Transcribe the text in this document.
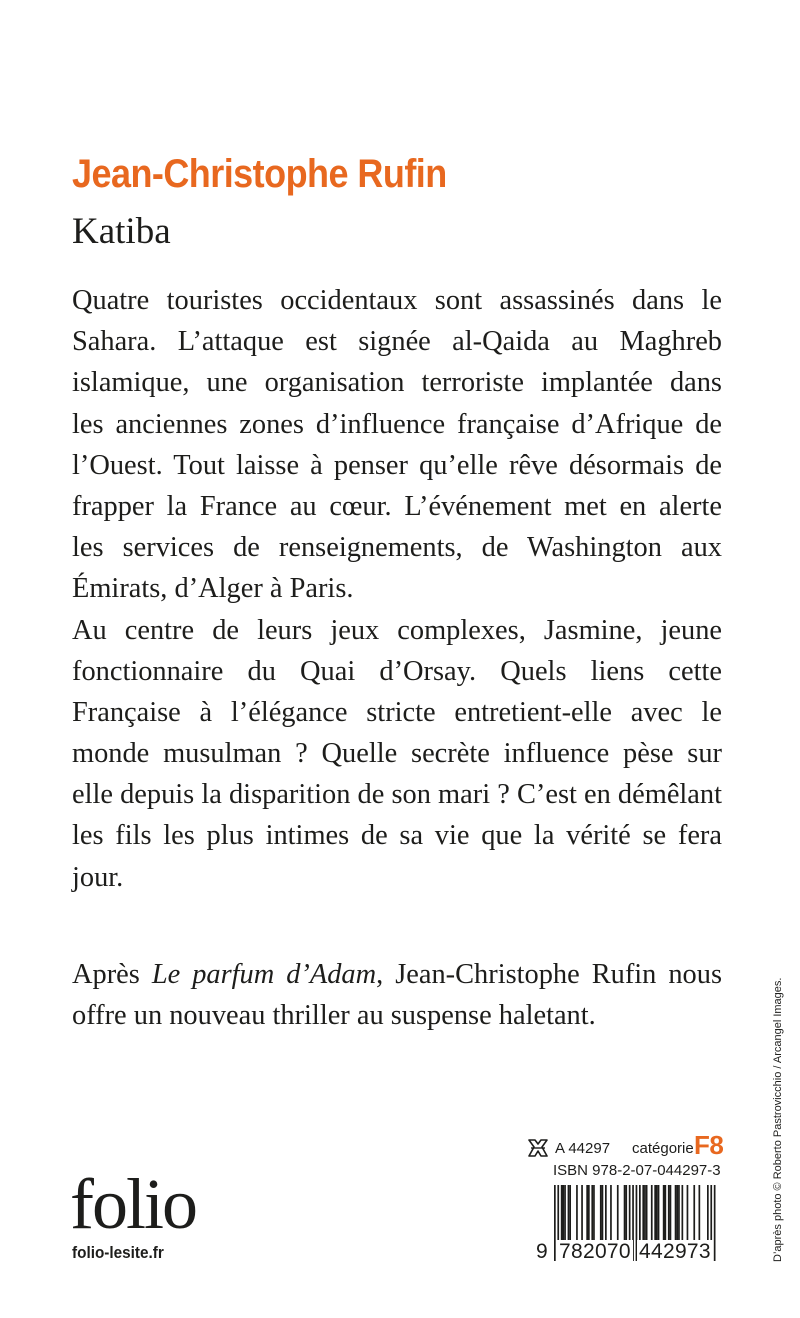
Jean-Christophe Rufin
Katiba
Quatre touristes occidentaux sont assassinés dans le
Sahara. L’attaque est signée al-Qaida au Maghreb
islamique, une organisation terroriste implantée dans
les anciennes zones d’influence française d’Afrique de
l’Ouest. Tout laisse à penser qu’elle rêve désormais de
frapper la France au cœur. L’événement met en alerte
les services de renseignements, de Washington aux
Émirats, d’Alger à Paris.
Au centre de leurs jeux complexes, Jasmine, jeune
fonctionnaire du Quai d’Orsay. Quels liens cette
Française à l’élégance stricte entretient-elle avec le
monde musulman ? Quelle secrète influence pèse sur
elle depuis la disparition de son mari ? C’est en démêlant
les fils les plus intimes de sa vie que la vérité se fera
jour.
Après Le parfum d’Adam, Jean-Christophe Rufin nous
offre un nouveau thriller au suspense haletant.
folio
folio-lesite.fr
A 44297 catégorie F8
ISBN 978-2-07-044297-3
9 782070 442973	D’après photo © Roberto Pastrovicchio / Arcangel Images.
